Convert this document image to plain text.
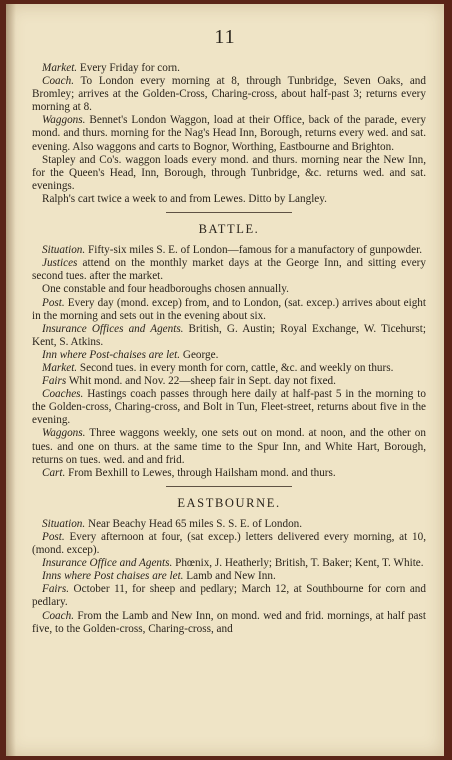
11

Market. Every Friday for corn.

Coach. To London every morning at 8, through Tunbridge, Seven Oaks, and Bromley; arrives at the Golden-Cross, Charing-cross, about half-past 3; returns every morning at 8.

Waggons. Bennet's London Waggon, load at their Office, back of the parade, every mond. and thurs. morning for the Nag's Head Inn, Borough, returns every wed. and sat. evening. Also waggons and carts to Bognor, Worthing, Eastbourne and Brighton.

Stapley and Co's. waggon loads every mond. and thurs. morning near the New Inn, for the Queen's Head, Inn, Borough, through Tunbridge, &c. returns wed. and sat. evenings.

Ralph's cart twice a week to and from Lewes. Ditto by Langley.

BATTLE.

Situation. Fifty-six miles S. E. of London—famous for a manufactory of gunpowder.

Justices attend on the monthly market days at the George Inn, and sitting every second tues. after the market.

One constable and four headboroughs chosen annually.

Post. Every day (mond. excep) from, and to London, (sat. excep.) arrives about eight in the morning and sets out in the evening about six.

Insurance Offices and Agents. British, G. Austin; Royal Exchange, W. Ticehurst; Kent, S. Atkins.

Inn where Post-chaises are let. George.

Market. Second tues. in every month for corn, cattle, &c. and weekly on thurs.

Fairs Whit mond. and Nov. 22—sheep fair in Sept. day not fixed.

Coaches. Hastings coach passes through here daily at half-past 5 in the morning to the Golden-cross, Charing-cross, and Bolt in Tun, Fleet-street, returns about five in the evening.

Waggons. Three waggons weekly, one sets out on mond. at noon, and the other on tues. and one on thurs. at the same time to the Spur Inn, and White Hart, Borough, returns on tues. wed. and and frid.

Cart. From Bexhill to Lewes, through Hailsham mond. and thurs.

EASTBOURNE.

Situation. Near Beachy Head 65 miles S. S. E. of London.

Post. Every afternoon at four, (sat excep.) letters delivered every morning, at 10, (mond. excep).

Insurance Office and Agents. Phœnix, J. Heatherly; British, T. Baker; Kent, T. White.

Inns where Post chaises are let. Lamb and New Inn.

Fairs. October 11, for sheep and pedlary; March 12, at Southbourne for corn and pedlary.

Coach. From the Lamb and New Inn, on mond. wed and frid. mornings, at half past five, to the Golden-cross, Charing-cross, and
